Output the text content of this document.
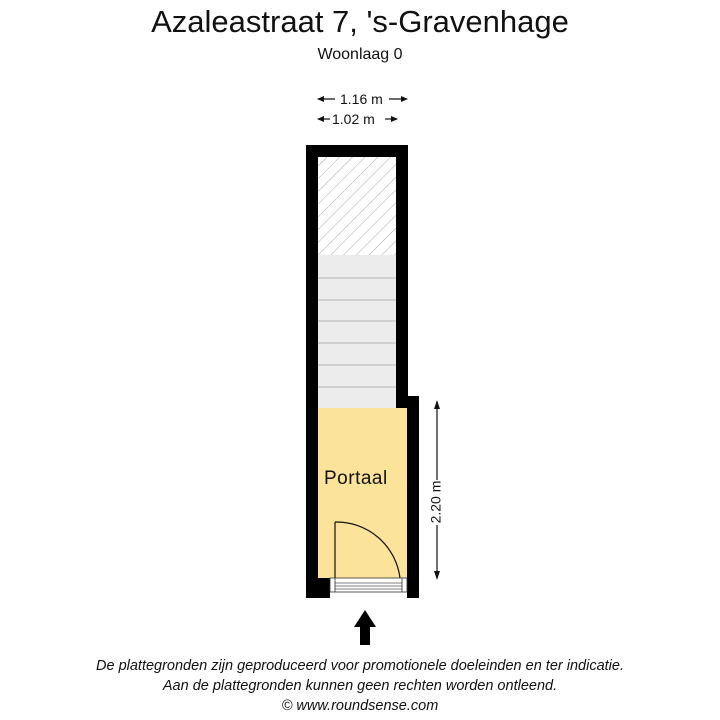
Azaleastraat 7, 's-Gravenhage
Woonlaag 0
1.16 m
1.02 m
2.20 m
Portaal
De plattegronden zijn geproduceerd voor promotionele doeleinden en ter indicatie.
Aan de plattegronden kunnen geen rechten worden ontleend.
© www.roundsense.com
